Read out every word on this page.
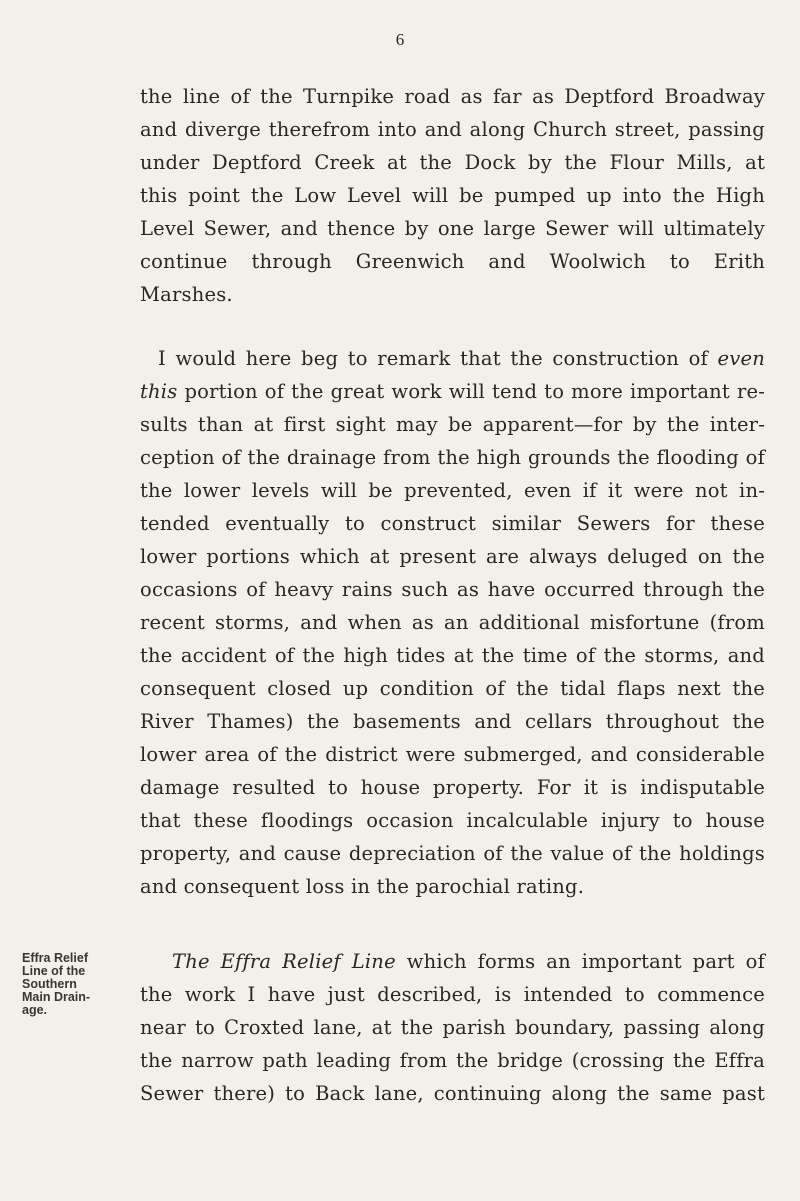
6
the line of the Turnpike road as far as Deptford Broadway
and diverge therefrom into and along Church street, passing
under Deptford Creek at the Dock by the Flour Mills, at
this point the Low Level will be pumped up into the High
Level Sewer, and thence by one large Sewer will ultimately
continue through Greenwich and Woolwich to Erith
Marshes.
I would here beg to remark that the construction of even
this portion of the great work will tend to more important re-
sults than at first sight may be apparent—for by the inter-
ception of the drainage from the high grounds the flooding of
the lower levels will be prevented, even if it were not in-
tended eventually to construct similar Sewers for these
lower portions which at present are always deluged on the
occasions of heavy rains such as have occurred through the
recent storms, and when as an additional misfortune (from
the accident of the high tides at the time of the storms, and
consequent closed up condition of the tidal flaps next the
River Thames) the basements and cellars throughout the
lower area of the district were submerged, and considerable
damage resulted to house property. For it is indisputable
that these floodings occasion incalculable injury to house
property, and cause depreciation of the value of the holdings
and consequent loss in the parochial rating.
Effra Relief
Line of the
Southern
Main Drain-
age.
The Effra Relief Line which forms an important part of
the work I have just described, is intended to commence
near to Croxted lane, at the parish boundary, passing along
the narrow path leading from the bridge (crossing the Effra
Sewer there) to Back lane, continuing along the same past
